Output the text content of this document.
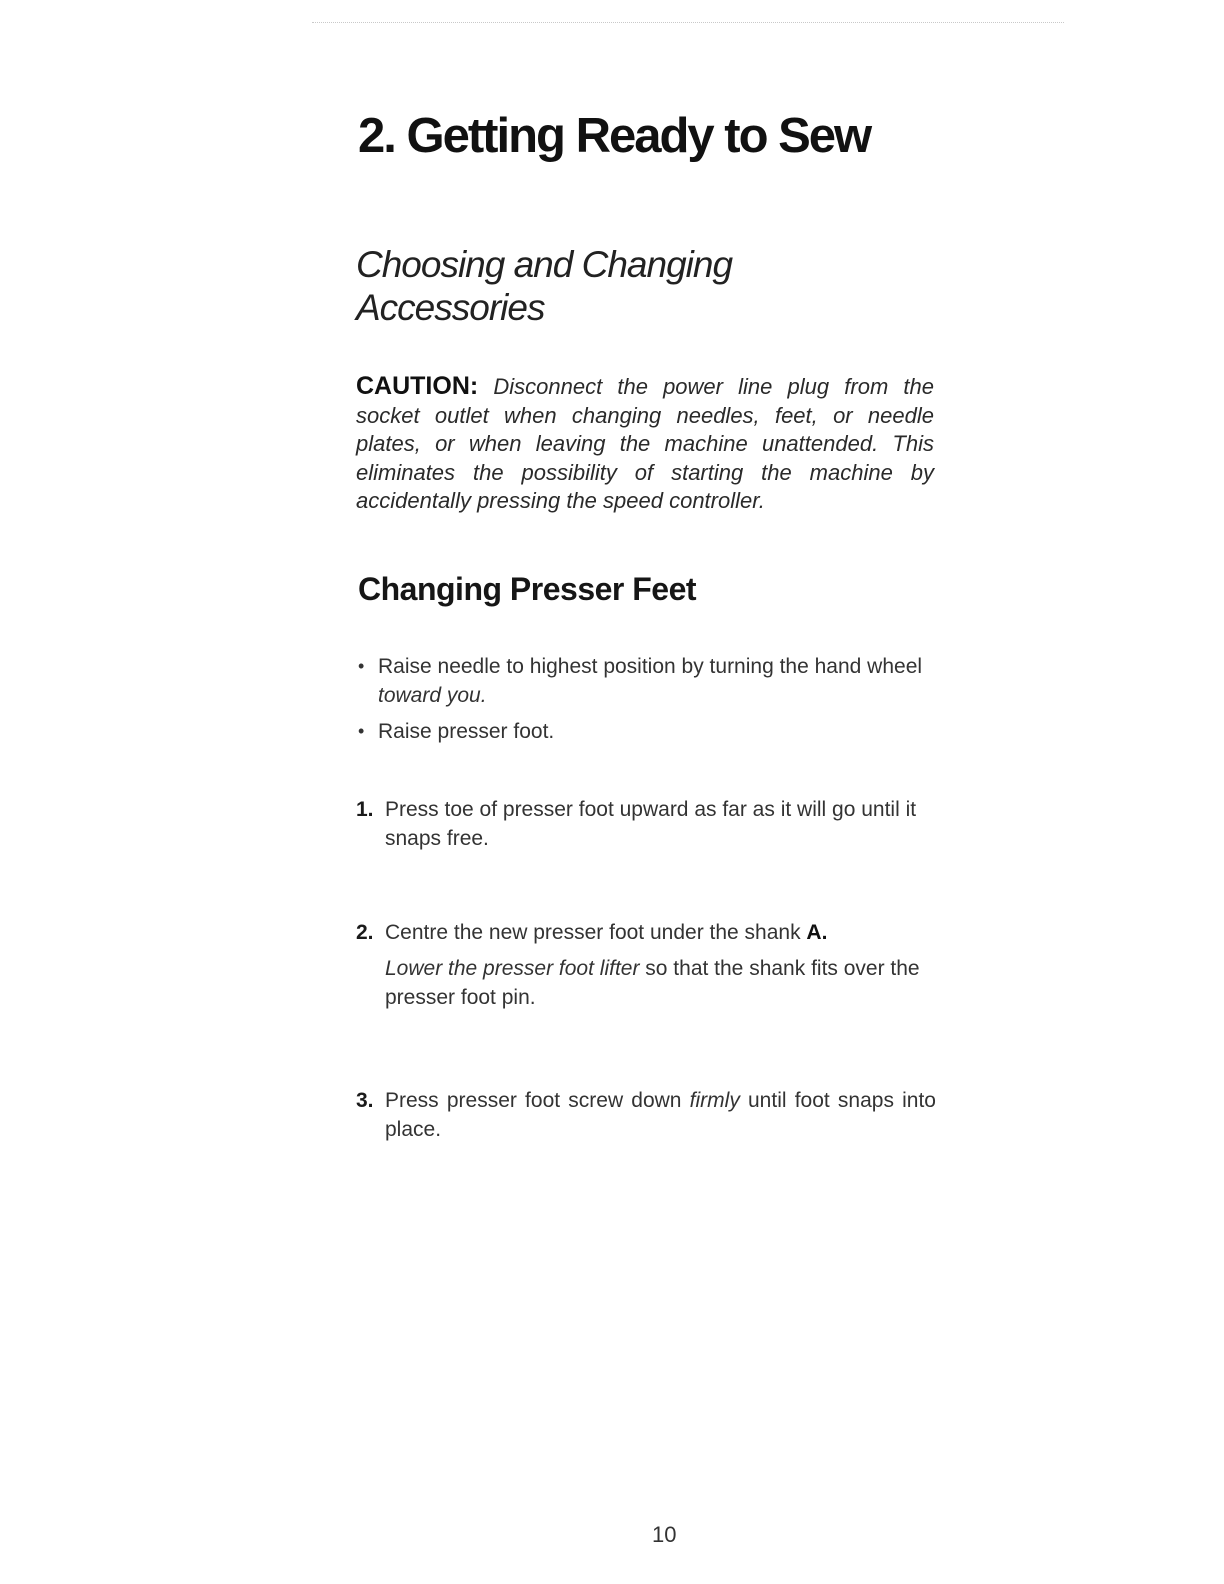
2. Getting Ready to Sew
Choosing and Changing
Accessories

CAUTION: Disconnect the power line plug from the socket outlet when changing needles, feet, or needle plates, or when leaving the machine unattended. This eliminates the possibility of starting the machine by accidentally pressing the speed controller.

Changing Presser Feet
• Raise needle to highest position by turning the hand wheel toward you.
• Raise presser foot.
1. Press toe of presser foot upward as far as it will go until it snaps free.
2. Centre the new presser foot under the shank A.
Lower the presser foot lifter so that the shank fits over the presser foot pin.
3. Press presser foot screw down firmly until foot snaps into place.
10
